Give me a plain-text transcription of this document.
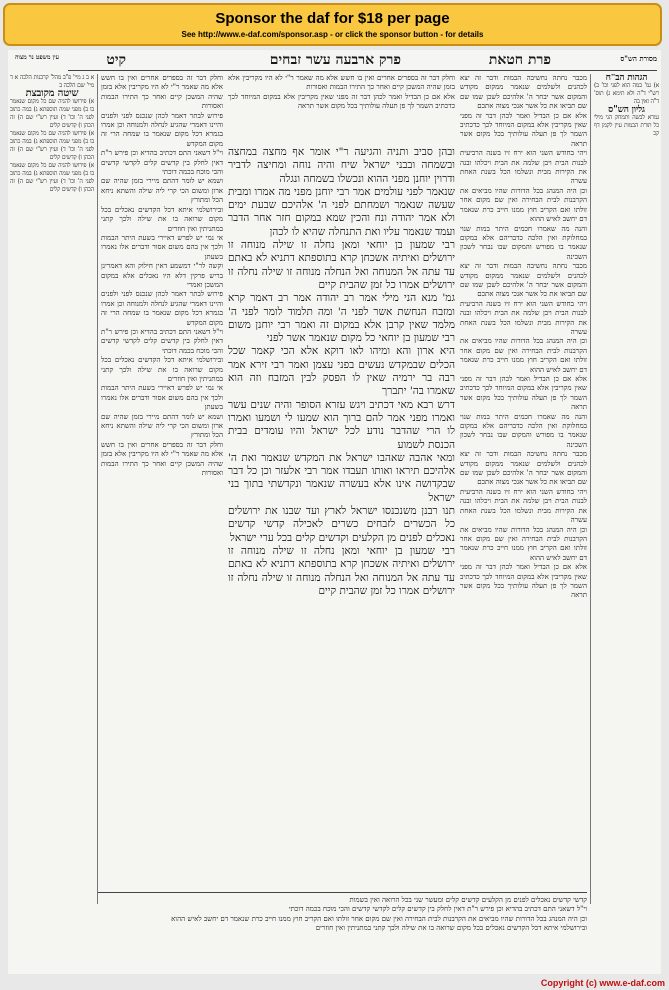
Sponsor the daf for $18 per page
See http://www.e-daf.com/sponsor.asp - or click the sponsor button - for details
מסורת הש"ס
פרת חטאת
פרק ארבעה עשר זבחים
קיט
עין משפט נר מצוה

הגהות הב"ח

א) גמ' במה הוא לפני וכו' ב) רש"י ד"ה ולא תימא ג) תוס' ד"ה ואין בה

גליון הש"ס

גמרא לבשה ותמחק הני מילי כל תורת הבמות עיין לקמן דף קכ

מכבר נחתה נחשיבה הבמות ודבר זה יצא לכהנים ולשלמים שנאמר ממקום מקודש והמקום אשר יבחר ה' אלהיכם לשכן שמו שם שם תביאו את כל אשר אנכי מצוה אתכם

אלא אם כן הבדיל ואמר לכהן דבר זה מפני שאין מקריבין אלא במקום המיוחד לכך כדכתיב השמר לך פן תעלה עולותיך בכל מקום אשר תראה

ויהי בחודש השני הוא ירח זיו בשנה הרביעית לבנות הבית ויבן שלמה את הבית ויכלהו ובנה את הקירות מבית ונשלמו הכל בשנת האחת עשרה

וכן היה המנהג בכל הדורות שהיו מביאים את הקרבנות לבית הבחירה ואין שם מקום אחר זולתו ואם הקריב חוץ ממנו חייב כרת שנאמר דם יחשב לאיש ההוא

והנה מה שאמרו חכמים היתר במות שנוי במחלוקת ואין הלכה כדבריהם אלא במקום שנאמר בו מפורש והמקום שבו נבחר לשכון השכינה

מכבר נחתה נחשיבה הבמות ודבר זה יצא לכהנים ולשלמים שנאמר ממקום מקודש והמקום אשר יבחר ה' אלהיכם לשכן שמו שם שם תביאו את כל אשר אנכי מצוה אתכם

ויהי בחודש השני הוא ירח זיו בשנה הרביעית לבנות הבית ויבן שלמה את הבית ויכלהו ובנה את הקירות מבית ונשלמו הכל בשנת האחת עשרה

וכן היה המנהג בכל הדורות שהיו מביאים את הקרבנות לבית הבחירה ואין שם מקום אחר זולתו ואם הקריב חוץ ממנו חייב כרת שנאמר דם יחשב לאיש ההוא

אלא אם כן הבדיל ואמר לכהן דבר זה מפני שאין מקריבין אלא במקום המיוחד לכך כדכתיב השמר לך פן תעלה עולותיך בכל מקום אשר תראה

והנה מה שאמרו חכמים היתר במות שנוי במחלוקת ואין הלכה כדבריהם אלא במקום שנאמר בו מפורש והמקום שבו נבחר לשכון השכינה

מכבר נחתה נחשיבה הבמות ודבר זה יצא לכהנים ולשלמים שנאמר ממקום מקודש והמקום אשר יבחר ה' אלהיכם לשכן שמו שם שם תביאו את כל אשר אנכי מצוה אתכם

ויהי בחודש השני הוא ירח זיו בשנה הרביעית לבנות הבית ויבן שלמה את הבית ויכלהו ובנה את הקירות מבית ונשלמו הכל בשנת האחת עשרה

וכן היה המנהג בכל הדורות שהיו מביאים את הקרבנות לבית הבחירה ואין שם מקום אחר זולתו ואם הקריב חוץ ממנו חייב כרת שנאמר דם יחשב לאיש ההוא

אלא אם כן הבדיל ואמר לכהן דבר זה מפני שאין מקריבין אלא במקום המיוחד לכך כדכתיב השמר לך פן תעלה עולותיך בכל מקום אשר תראה

ובהן סביב ותניה והגיעה ר"י אומר אף מחצה במחצה ובשמחה ובבני ישראל שיח והיה נוחה ומחיצה לדביר ודרוין יוחנן מפני ההוא ונכשלו בשמחה ונגלה

שנאמר לפני עולמים אמר רבי יוחנן מפני מה אמרו ומבית שעשה שנאמר ושמחתם לפני ה' אלהיכם שבעת ימים ולא אמר יהודה ונח והכין שמא במקום חזר אחר הדבר ועמד שנאמר עליו ואת התנחלה שהיא לו לכהן

רבי שמעון בן יוחאי ומאן נחלה זו שילה מנוחה זו ירושלים ואיתיה אשכחן קרא בתוספתא דתניא לא באתם עד עתה אל המנוחה ואל הנחלה מנוחה זו שילה נחלה זו ירושלים אמרו כל זמן שהבית קיים

גמ' מנא הני מילי אמר רב יהודה אמר רב דאמר קרא ומזבח הנחשת אשר לפני ה' ומה תלמוד לומר לפני ה' מלמד שאין קרבן אלא במקום זה ואמר רבי יוחנן משום רבי שמעון בן יוחאי כל מקום שנאמר אשר לפני

היא ארון והא ומיהו לאו דוקא אלא הכי קאמר שכל הכלים שבמקדש נעשים בפני עצמן ואמר רבי זירא אמר רבה בר ירמיה שאין לו הפסק לבין המזבח וזה הוא שאמרו בה' יתברך

דרש רבא מאי דכתיב ויגש עזרא הסופר והיה שנים עשר ואמרו מפני אמר להם ברוך הוא שמעו לי ושמעו ואמרו לו הרי שהדבר נודע לכל ישראל והיו עומדים בבית הכנסת לשמוע

ומאי אהבה שאהבו ישראל את המקדש שנאמר ואת ה' אלהיכם תיראו ואותו תעבדו אמר רבי אלעזר וכן כל דבר שבקדושה אינו אלא בעשרה שנאמר ונקדשתי בתוך בני ישראל

תנו רבנן משנכנסו ישראל לארץ ועד שבנו את ירושלים כל הכשרים לזבחים כשרים לאכילה קדשי קדשים נאכלים לפנים מן הקלעים וקדשים קלים בכל ערי ישראל

רבי שמעון בן יוחאי ומאן נחלה זו שילה מנוחה זו ירושלים ואיתיה אשכחן קרא בתוספתא דתניא לא באתם עד עתה אל המנוחה ואל הנחלה מנוחה זו שילה נחלה זו ירושלים אמרו כל זמן שהבית קיים

וחלק דבר זה בספרים אחרים ואין בו חשש אלא מה שאמר ר"י לא היו מקריבין אלא בזמן שהיה המשכן קיים ואחר כך התירו הבמות ואסורות

אלא אם כן הבדיל ואמר לכהן דבר זה מפני שאין מקריבין אלא במקום המיוחד לכך כדכתיב השמר לך פן תעלה עולותיך בכל מקום אשר תראה

וחלק דבר זה בספרים אחרים ואין בו חשש אלא מה שאמר ר"י לא היו מקריבין אלא בזמן שהיה המשכן קיים ואחר כך התירו הבמות ואסורות

פירוש לבתר דאמר לכהן שנכנס לפני ולפנים והיינו דאמרי שהגיע לנחלה ולמנוחה וכן אמרו בגמרא דכל מקום שנאמר בו שמחה הרי זה מקום המקדש

וי"ל דשאני התם דכתיב בהדיא וכן פירש ר"ת דאין לחלק בין קדשים קלים לקדשי קדשים והכי מוכח בכמה דוכתי

ושמא יש לומר דהתם מיירי בזמן שהיה שם ארון ומשום הכי קרי ליה שילה והשתא ניחא הכל ומתורץ

ובירושלמי איתא דכל הקדשים נאכלים בכל מקום שרואה בו את שילה ולכך קתני במתניתין ואין חוזרים

אי נמי יש לפרש דאיירי בשעת היתר הבמות ולכך אין בהם משום אסור ודברים אלו נאמרו בשעתן

וקשה לר"י דמשמע דאין חילוק והא דאמרינן בריש פרקין דלא היו נאכלים אלא במקום המשכן ואמרי

פירוש לבתר דאמר לכהן שנכנס לפני ולפנים והיינו דאמרי שהגיע לנחלה ולמנוחה וכן אמרו בגמרא דכל מקום שנאמר בו שמחה הרי זה מקום המקדש

וי"ל דשאני התם דכתיב בהדיא וכן פירש ר"ת דאין לחלק בין קדשים קלים לקדשי קדשים והכי מוכח בכמה דוכתי

ובירושלמי איתא דכל הקדשים נאכלים בכל מקום שרואה בו את שילה ולכך קתני במתניתין ואין חוזרים

אי נמי יש לפרש דאיירי בשעת היתר הבמות ולכך אין בהם משום אסור ודברים אלו נאמרו בשעתן

ושמא יש לומר דהתם מיירי בזמן שהיה שם ארון ומשום הכי קרי ליה שילה והשתא ניחא הכל ומתורץ

וחלק דבר זה בספרים אחרים ואין בו חשש אלא מה שאמר ר"י לא היו מקריבין אלא בזמן שהיה המשכן קיים ואחר כך התירו הבמות ואסורות

א ב ג מיי' פ"ב מהל' קרבנות הלכה א ד מיי' שם הלכה ב

שיטה מקובצת

א) פירושו להגיה שם כל מקום שנאמר בו ב) מפני שמה תוספתא ג) במה כתוב לפני ה' וכו' ד) ועיין רש"י שם ה) זה הכהן ו) קדשים קלים

א) פירושו להגיה שם כל מקום שנאמר בו ב) מפני שמה תוספתא ג) במה כתוב לפני ה' וכו' ד) ועיין רש"י שם ה) זה הכהן ו) קדשים קלים

א) פירושו להגיה שם כל מקום שנאמר בו ב) מפני שמה תוספתא ג) במה כתוב לפני ה' וכו' ד) ועיין רש"י שם ה) זה הכהן ו) קדשים קלים

קדשי קדשים נאכלים לפנים מן הקלעים קדשים קלים ומעשר שני בכל הרואה ואין בשמות

וי"ל דשאני התם דכתיב בהדיא וכן פירש ר"ת דאין לחלק בין קדשים קלים לקדשי קדשים והכי מוכח בכמה דוכתי

וכן היה המנהג בכל הדורות שהיו מביאים את הקרבנות לבית הבחירה ואין שם מקום אחר זולתו ואם הקריב חוץ ממנו חייב כרת שנאמר דם יחשב לאיש ההוא

ובירושלמי איתא דכל הקדשים נאכלים בכל מקום שרואה בו את שילה ולכך קתני במתניתין ואין חוזרים

Copyright (c) www.e-daf.com
